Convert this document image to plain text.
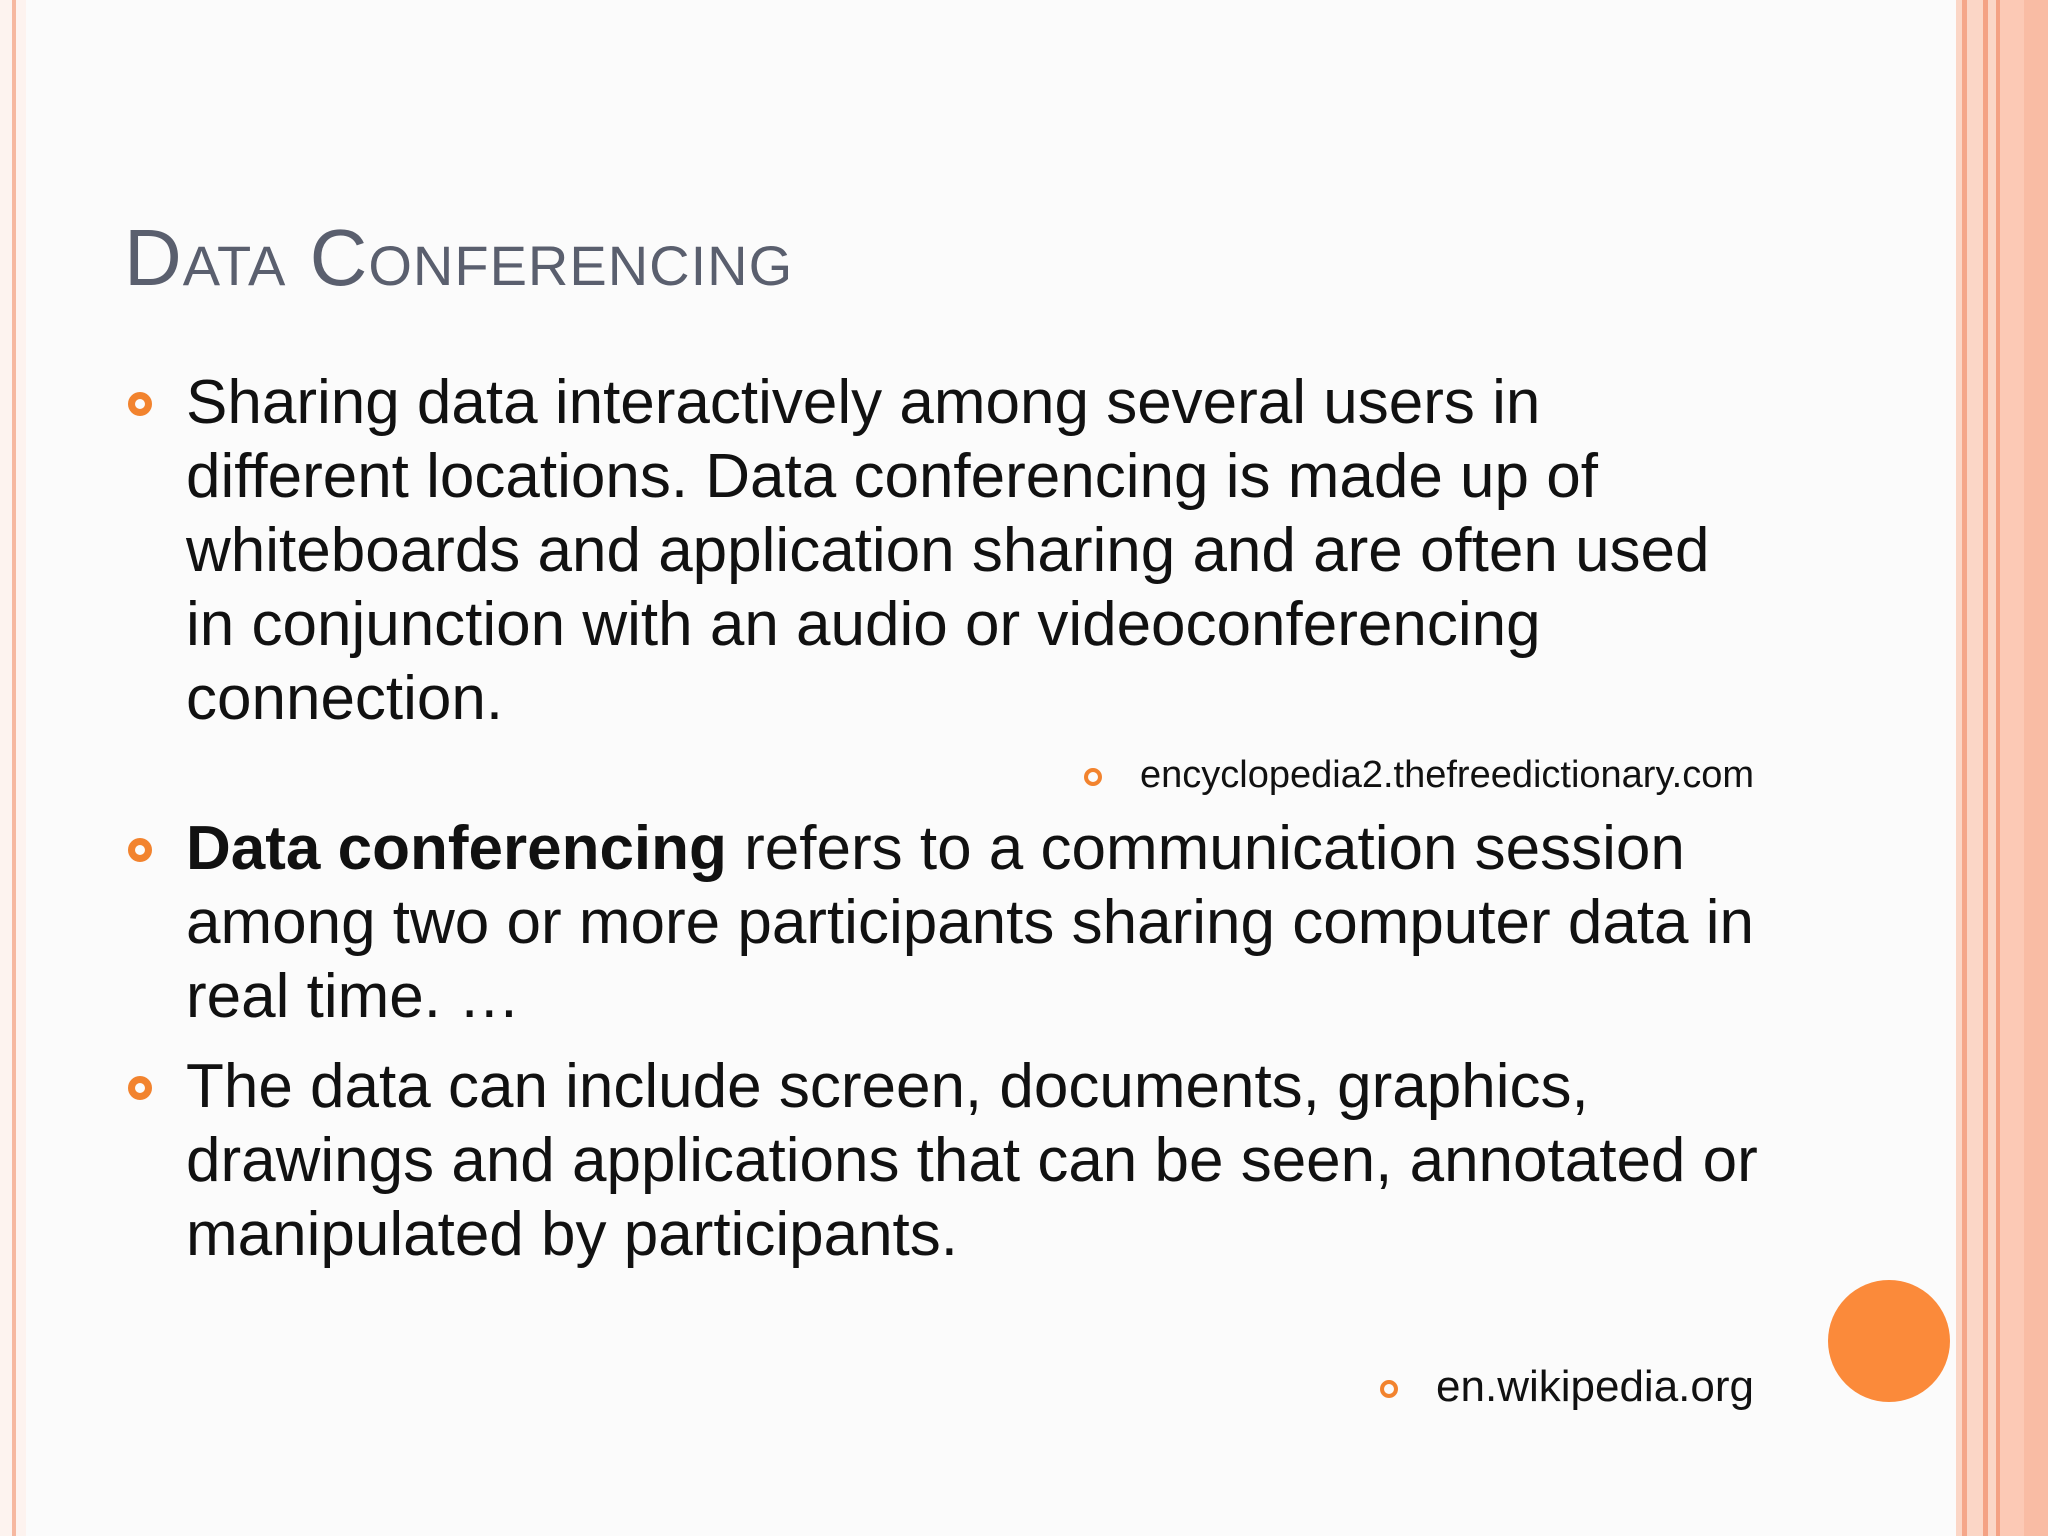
Data Conferencing
Sharing data interactively among several users in different locations. Data conferencing is made up of whiteboards and application sharing and are often used in conjunction with an audio or videoconferencing connection.
encyclopedia2.thefreedictionary.com
Data conferencing refers to a communication session among two or more participants sharing computer data in real time. …
The data can include screen, documents, graphics, drawings and applications that can be seen, annotated or manipulated by participants.
en.wikipedia.org
